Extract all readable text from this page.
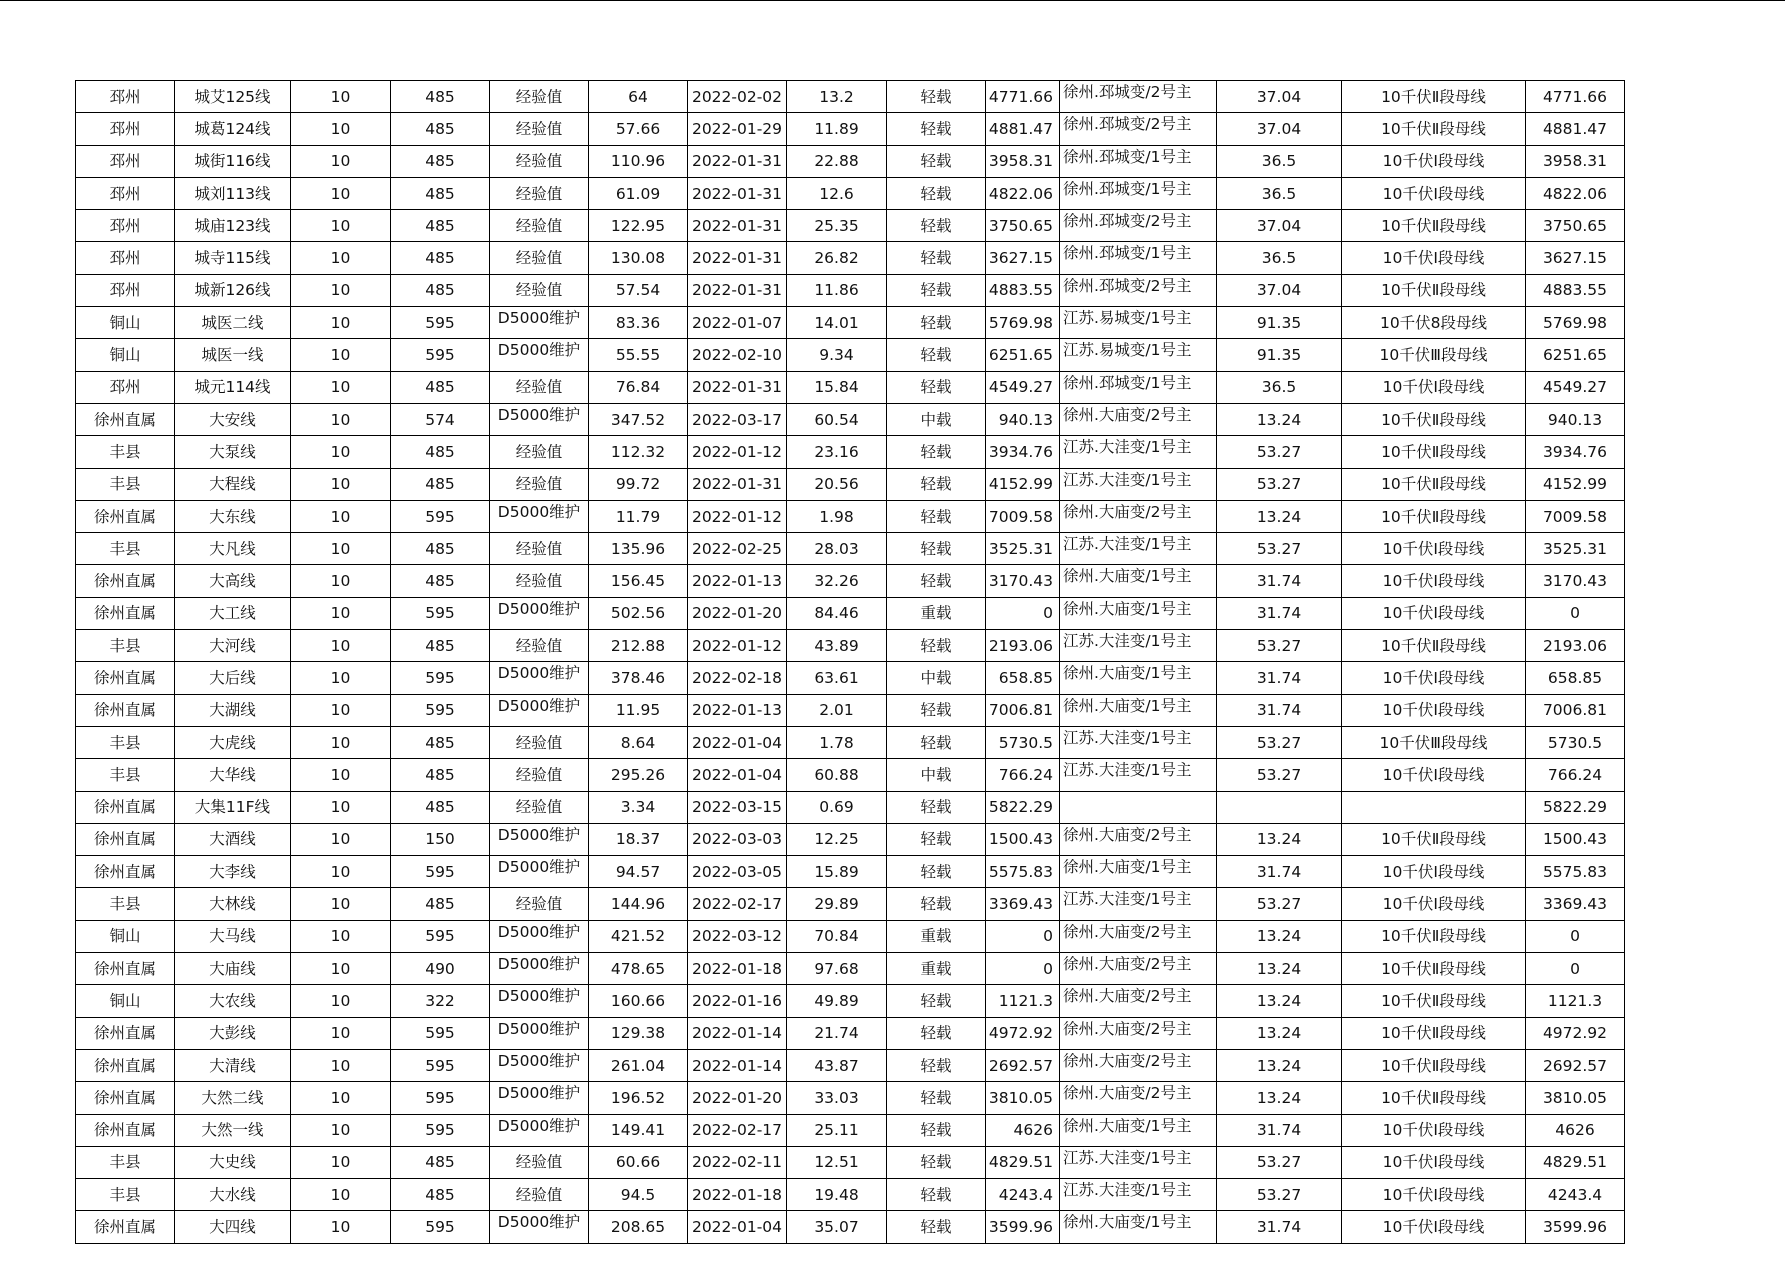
邳州	城艾125线	10	485	经验值	64	2022-02-02	13.2	轻载	4771.66	徐州.邳城变/2号主	37.04	10千伏Ⅱ段母线	4771.66
邳州	城葛124线	10	485	经验值	57.66	2022-01-29	11.89	轻载	4881.47	徐州.邳城变/2号主	37.04	10千伏Ⅱ段母线	4881.47
邳州	城街116线	10	485	经验值	110.96	2022-01-31	22.88	轻载	3958.31	徐州.邳城变/1号主	36.5	10千伏Ⅰ段母线	3958.31
邳州	城刘113线	10	485	经验值	61.09	2022-01-31	12.6	轻载	4822.06	徐州.邳城变/1号主	36.5	10千伏Ⅰ段母线	4822.06
邳州	城庙123线	10	485	经验值	122.95	2022-01-31	25.35	轻载	3750.65	徐州.邳城变/2号主	37.04	10千伏Ⅱ段母线	3750.65
邳州	城寺115线	10	485	经验值	130.08	2022-01-31	26.82	轻载	3627.15	徐州.邳城变/1号主	36.5	10千伏Ⅰ段母线	3627.15
邳州	城新126线	10	485	经验值	57.54	2022-01-31	11.86	轻载	4883.55	徐州.邳城变/2号主	37.04	10千伏Ⅱ段母线	4883.55
铜山	城医二线	10	595	D5000维护	83.36	2022-01-07	14.01	轻载	5769.98	江苏.易城变/1号主	91.35	10千伏8段母线	5769.98
铜山	城医一线	10	595	D5000维护	55.55	2022-02-10	9.34	轻载	6251.65	江苏.易城变/1号主	91.35	10千伏Ⅲ段母线	6251.65
邳州	城元114线	10	485	经验值	76.84	2022-01-31	15.84	轻载	4549.27	徐州.邳城变/1号主	36.5	10千伏Ⅰ段母线	4549.27
徐州直属	大安线	10	574	D5000维护	347.52	2022-03-17	60.54	中载	940.13	徐州.大庙变/2号主	13.24	10千伏Ⅱ段母线	940.13
丰县	大泵线	10	485	经验值	112.32	2022-01-12	23.16	轻载	3934.76	江苏.大洼变/1号主	53.27	10千伏Ⅱ段母线	3934.76
丰县	大程线	10	485	经验值	99.72	2022-01-31	20.56	轻载	4152.99	江苏.大洼变/1号主	53.27	10千伏Ⅱ段母线	4152.99
徐州直属	大东线	10	595	D5000维护	11.79	2022-01-12	1.98	轻载	7009.58	徐州.大庙变/2号主	13.24	10千伏Ⅱ段母线	7009.58
丰县	大凡线	10	485	经验值	135.96	2022-02-25	28.03	轻载	3525.31	江苏.大洼变/1号主	53.27	10千伏Ⅰ段母线	3525.31
徐州直属	大高线	10	485	经验值	156.45	2022-01-13	32.26	轻载	3170.43	徐州.大庙变/1号主	31.74	10千伏Ⅰ段母线	3170.43
徐州直属	大工线	10	595	D5000维护	502.56	2022-01-20	84.46	重载	0	徐州.大庙变/1号主	31.74	10千伏Ⅰ段母线	0
丰县	大河线	10	485	经验值	212.88	2022-01-12	43.89	轻载	2193.06	江苏.大洼变/1号主	53.27	10千伏Ⅱ段母线	2193.06
徐州直属	大后线	10	595	D5000维护	378.46	2022-02-18	63.61	中载	658.85	徐州.大庙变/1号主	31.74	10千伏Ⅰ段母线	658.85
徐州直属	大湖线	10	595	D5000维护	11.95	2022-01-13	2.01	轻载	7006.81	徐州.大庙变/1号主	31.74	10千伏Ⅰ段母线	7006.81
丰县	大虎线	10	485	经验值	8.64	2022-01-04	1.78	轻载	5730.5	江苏.大洼变/1号主	53.27	10千伏Ⅲ段母线	5730.5
丰县	大华线	10	485	经验值	295.26	2022-01-04	60.88	中载	766.24	江苏.大洼变/1号主	53.27	10千伏Ⅰ段母线	766.24
徐州直属	大集11F线	10	485	经验值	3.34	2022-03-15	0.69	轻载	5822.29				5822.29
徐州直属	大酒线	10	150	D5000维护	18.37	2022-03-03	12.25	轻载	1500.43	徐州.大庙变/2号主	13.24	10千伏Ⅱ段母线	1500.43
徐州直属	大李线	10	595	D5000维护	94.57	2022-03-05	15.89	轻载	5575.83	徐州.大庙变/1号主	31.74	10千伏Ⅰ段母线	5575.83
丰县	大林线	10	485	经验值	144.96	2022-02-17	29.89	轻载	3369.43	江苏.大洼变/1号主	53.27	10千伏Ⅰ段母线	3369.43
铜山	大马线	10	595	D5000维护	421.52	2022-03-12	70.84	重载	0	徐州.大庙变/2号主	13.24	10千伏Ⅱ段母线	0
徐州直属	大庙线	10	490	D5000维护	478.65	2022-01-18	97.68	重载	0	徐州.大庙变/2号主	13.24	10千伏Ⅱ段母线	0
铜山	大农线	10	322	D5000维护	160.66	2022-01-16	49.89	轻载	1121.3	徐州.大庙变/2号主	13.24	10千伏Ⅱ段母线	1121.3
徐州直属	大彭线	10	595	D5000维护	129.38	2022-01-14	21.74	轻载	4972.92	徐州.大庙变/2号主	13.24	10千伏Ⅱ段母线	4972.92
徐州直属	大清线	10	595	D5000维护	261.04	2022-01-14	43.87	轻载	2692.57	徐州.大庙变/2号主	13.24	10千伏Ⅱ段母线	2692.57
徐州直属	大然二线	10	595	D5000维护	196.52	2022-01-20	33.03	轻载	3810.05	徐州.大庙变/2号主	13.24	10千伏Ⅱ段母线	3810.05
徐州直属	大然一线	10	595	D5000维护	149.41	2022-02-17	25.11	轻载	4626	徐州.大庙变/1号主	31.74	10千伏Ⅰ段母线	4626
丰县	大史线	10	485	经验值	60.66	2022-02-11	12.51	轻载	4829.51	江苏.大洼变/1号主	53.27	10千伏Ⅰ段母线	4829.51
丰县	大水线	10	485	经验值	94.5	2022-01-18	19.48	轻载	4243.4	江苏.大洼变/1号主	53.27	10千伏Ⅰ段母线	4243.4
徐州直属	大四线	10	595	D5000维护	208.65	2022-01-04	35.07	轻载	3599.96	徐州.大庙变/1号主	31.74	10千伏Ⅰ段母线	3599.96
